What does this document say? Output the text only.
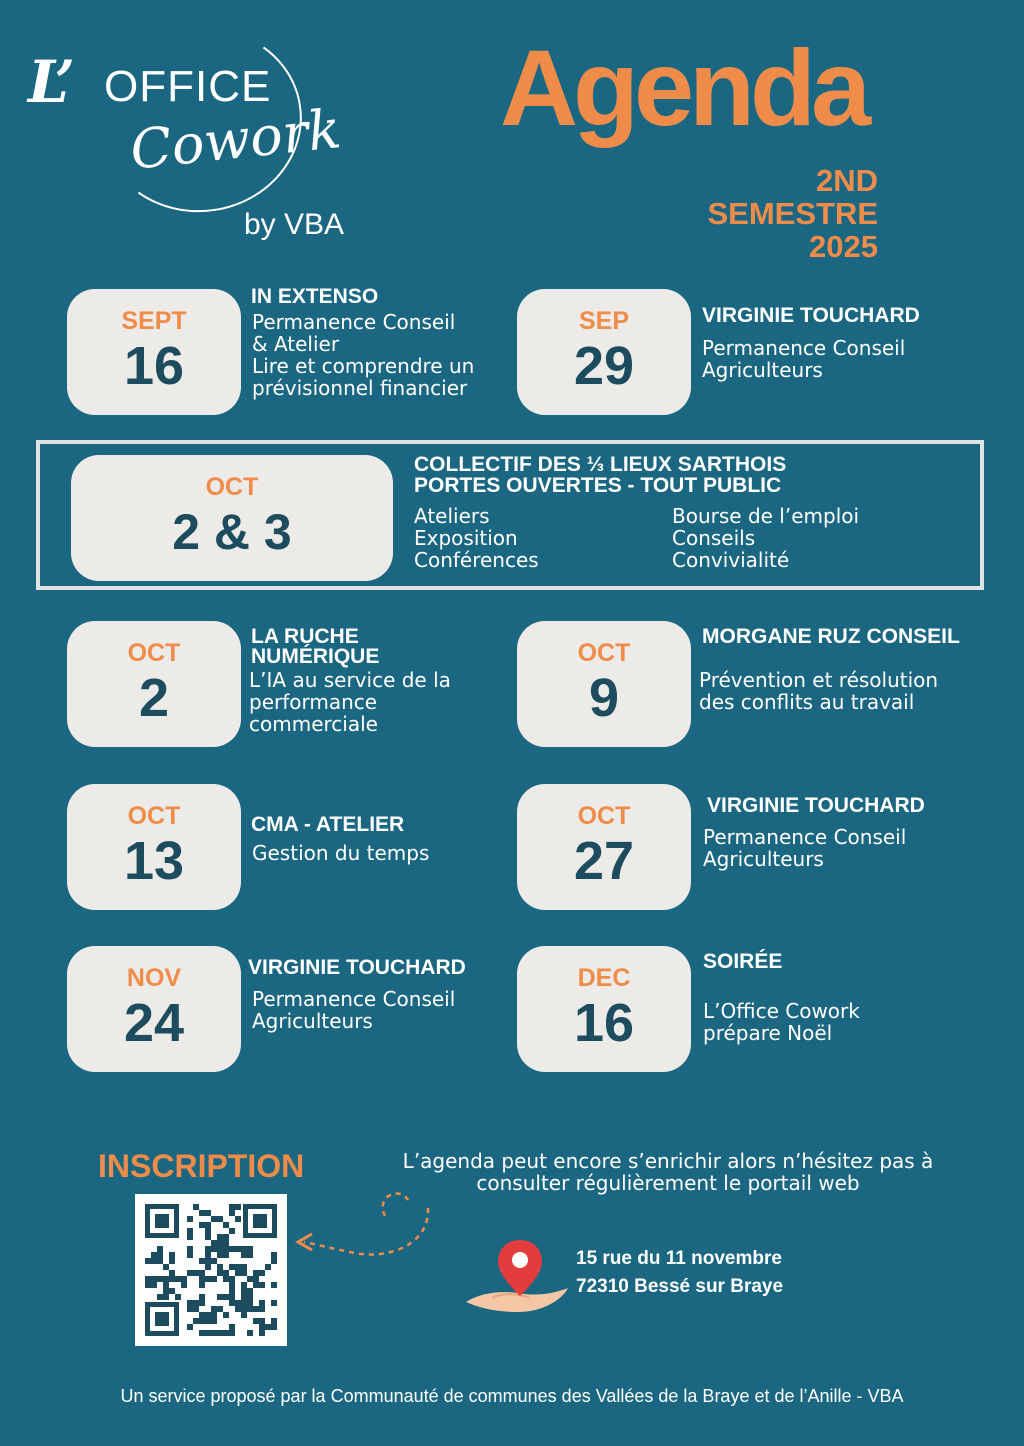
L’ OFFICE
Cowork
by VBA
Agenda
2ND
SEMESTRE
2025
SEPT
16
IN EXTENSO
Permanence Conseil
& Atelier
Lire et comprendre un
prévisionnel financier
SEP
29
VIRGINIE TOUCHARD
Permanence Conseil
Agriculteurs
OCT
2 & 3
COLLECTIF DES ⅓ LIEUX SARTHOIS
PORTES OUVERTES - TOUT PUBLIC
Ateliers
Exposition
Conférences
Bourse de l’emploi
Conseils
Convivialité
OCT
2
LA RUCHE
NUMÉRIQUE
L’IA au service de la
performance
commerciale
OCT
9
MORGANE RUZ CONSEIL
Prévention et résolution
des conflits au travail
OCT
13
CMA - ATELIER
Gestion du temps
OCT
27
VIRGINIE TOUCHARD
Permanence Conseil
Agriculteurs
NOV
24
VIRGINIE TOUCHARD
Permanence Conseil
Agriculteurs
DEC
16
SOIRÉE
L’Office Cowork
prépare Noël
INSCRIPTION	L’agenda peut encore s’enrichir alors n’hésitez pas à consulter régulièrement le portail web
15 rue du 11 novembre
72310 Bessé sur Braye
Un service proposé par la Communauté de communes des Vallées de la Braye et de l’Anille - VBA
